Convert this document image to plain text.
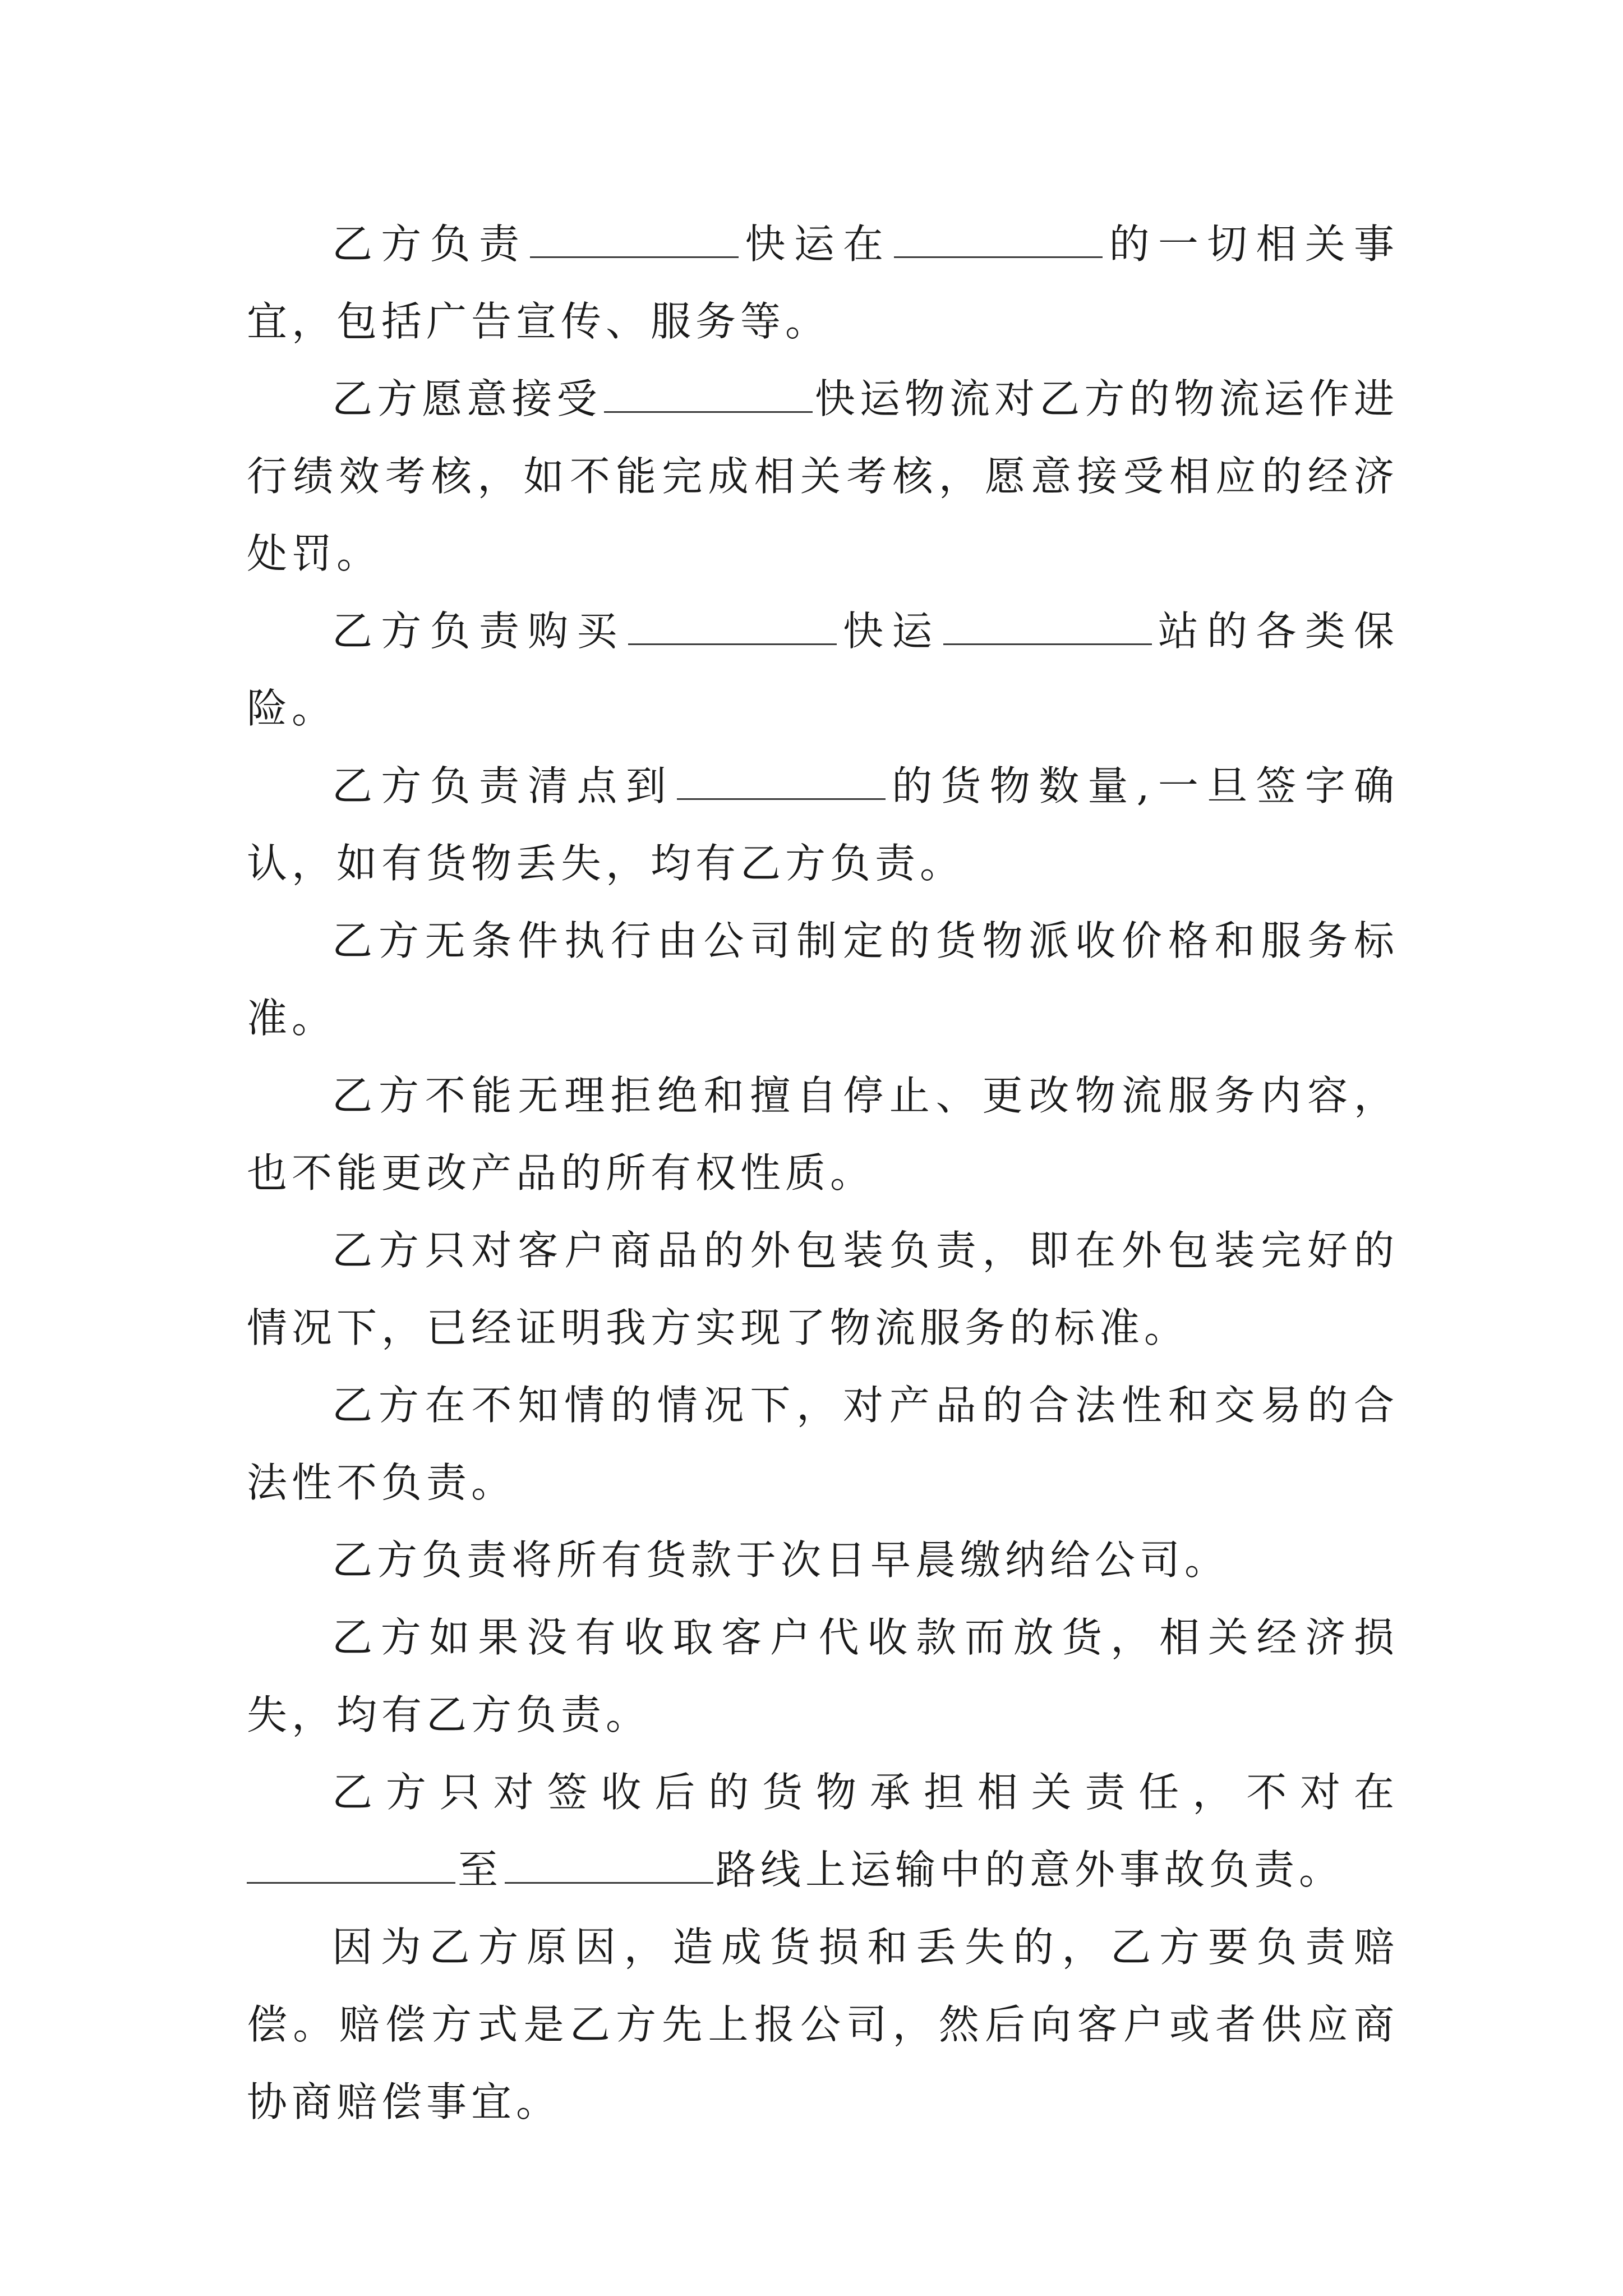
乙方负责	快运在	的一切相关事宜，包括广告宣传、服务等。

乙方愿意接受	快运物流对乙方的物流运作进行绩效考核，如不能完成相关考核，愿意接受相应的经济处罚。

乙方负责购买	快运	站的各类保险。

乙方负责清点到	的货物数量,一旦签字确认，如有货物丢失，均有乙方负责。

乙方无条件执行由公司制定的货物派收价格和服务标准。

乙方不能无理拒绝和擅自停止、更改物流服务内容，也不能更改产品的所有权性质。

乙方只对客户商品的外包装负责，即在外包装完好的情况下，已经证明我方实现了物流服务的标准。

乙方在不知情的情况下，对产品的合法性和交易的合法性不负责。

乙方负责将所有货款于次日早晨缴纳给公司。

乙方如果没有收取客户代收款而放货，相关经济损失，均有乙方负责。

乙方只对签收后的货物承担相关责任，不对在至	路线上运输中的意外事故负责。

因为乙方原因，造成货损和丢失的，乙方要负责赔偿。赔偿方式是乙方先上报公司，然后向客户或者供应商协商赔偿事宜。
